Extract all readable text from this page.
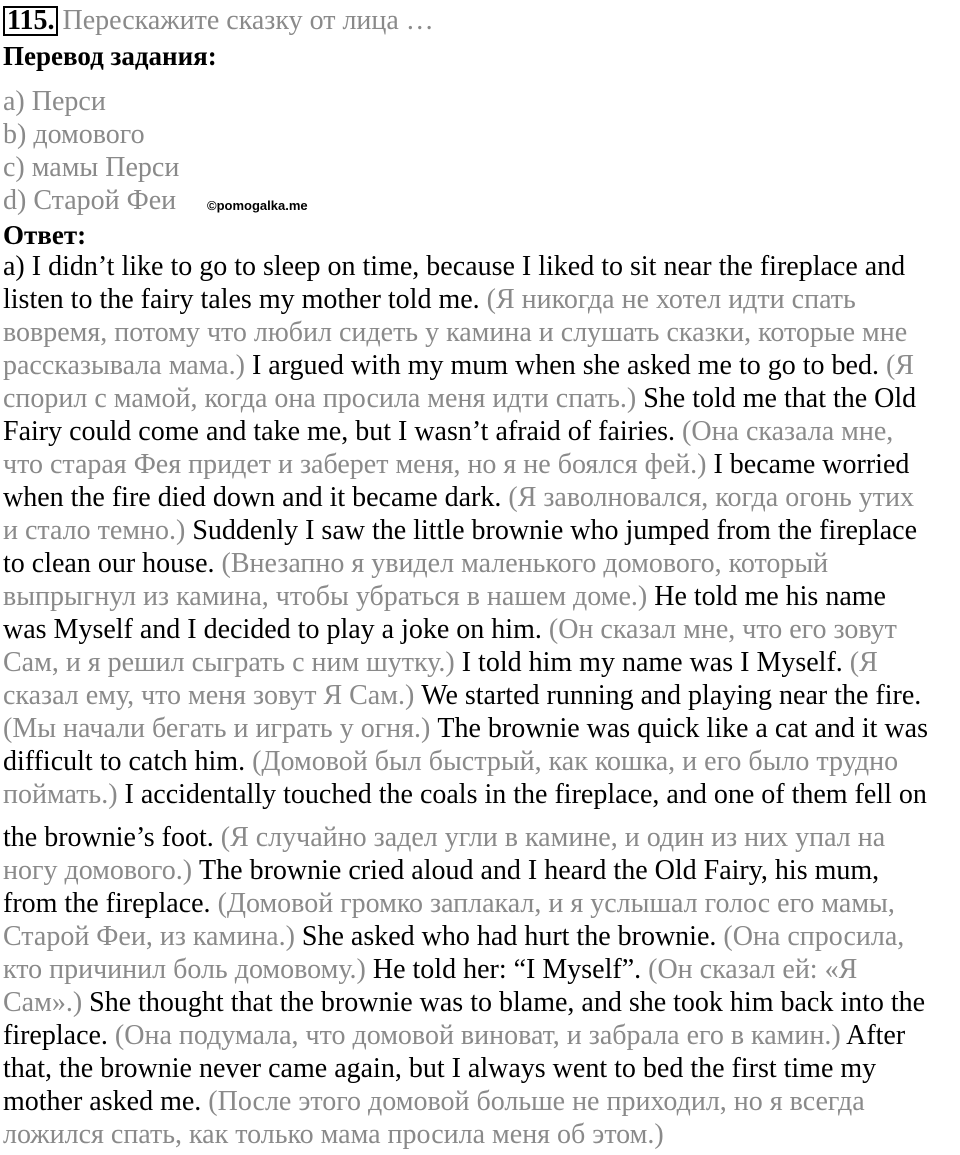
115. Перескажите сказку от лица …
Перевод задания:
a) Перси
b) домового
c) мамы Перси
d) Старой Феи ©pomogalka.me
Ответ:
a) I didn’t like to go to sleep on time, because I liked to sit near the fireplace and
listen to the fairy tales my mother told me. (Я никогда не хотел идти спать
вовремя, потому что любил сидеть у камина и слушать сказки, которые мне
рассказывала мама.) I argued with my mum when she asked me to go to bed. (Я
спорил с мамой, когда она просила меня идти спать.) She told me that the Old
Fairy could come and take me, but I wasn’t afraid of fairies. (Она сказала мне,
что старая Фея придет и заберет меня, но я не боялся фей.) I became worried
when the fire died down and it became dark. (Я заволновался, когда огонь утих
и стало темно.) Suddenly I saw the little brownie who jumped from the fireplace
to clean our house. (Внезапно я увидел маленького домового, который
выпрыгнул из камина, чтобы убраться в нашем доме.) He told me his name
was Myself and I decided to play a joke on him. (Он сказал мне, что его зовут
Сам, и я решил сыграть с ним шутку.) I told him my name was I Myself. (Я
сказал ему, что меня зовут Я Сам.) We started running and playing near the fire.
(Мы начали бегать и играть у огня.) The brownie was quick like a cat and it was
difficult to catch him. (Домовой был быстрый, как кошка, и его было трудно
поймать.) I accidentally touched the coals in the fireplace, and one of them fell on
the brownie’s foot. (Я случайно задел угли в камине, и один из них упал на
ногу домового.) The brownie cried aloud and I heard the Old Fairy, his mum,
from the fireplace. (Домовой громко заплакал, и я услышал голос его мамы,
Старой Феи, из камина.) She asked who had hurt the brownie. (Она спросила,
кто причинил боль домовому.) He told her: “I Myself”. (Он сказал ей: «Я
Сам».) She thought that the brownie was to blame, and she took him back into the
fireplace. (Она подумала, что домовой виноват, и забрала его в камин.) After
that, the brownie never came again, but I always went to bed the first time my
mother asked me. (После этого домовой больше не приходил, но я всегда
ложился спать, как только мама просила меня об этом.)
